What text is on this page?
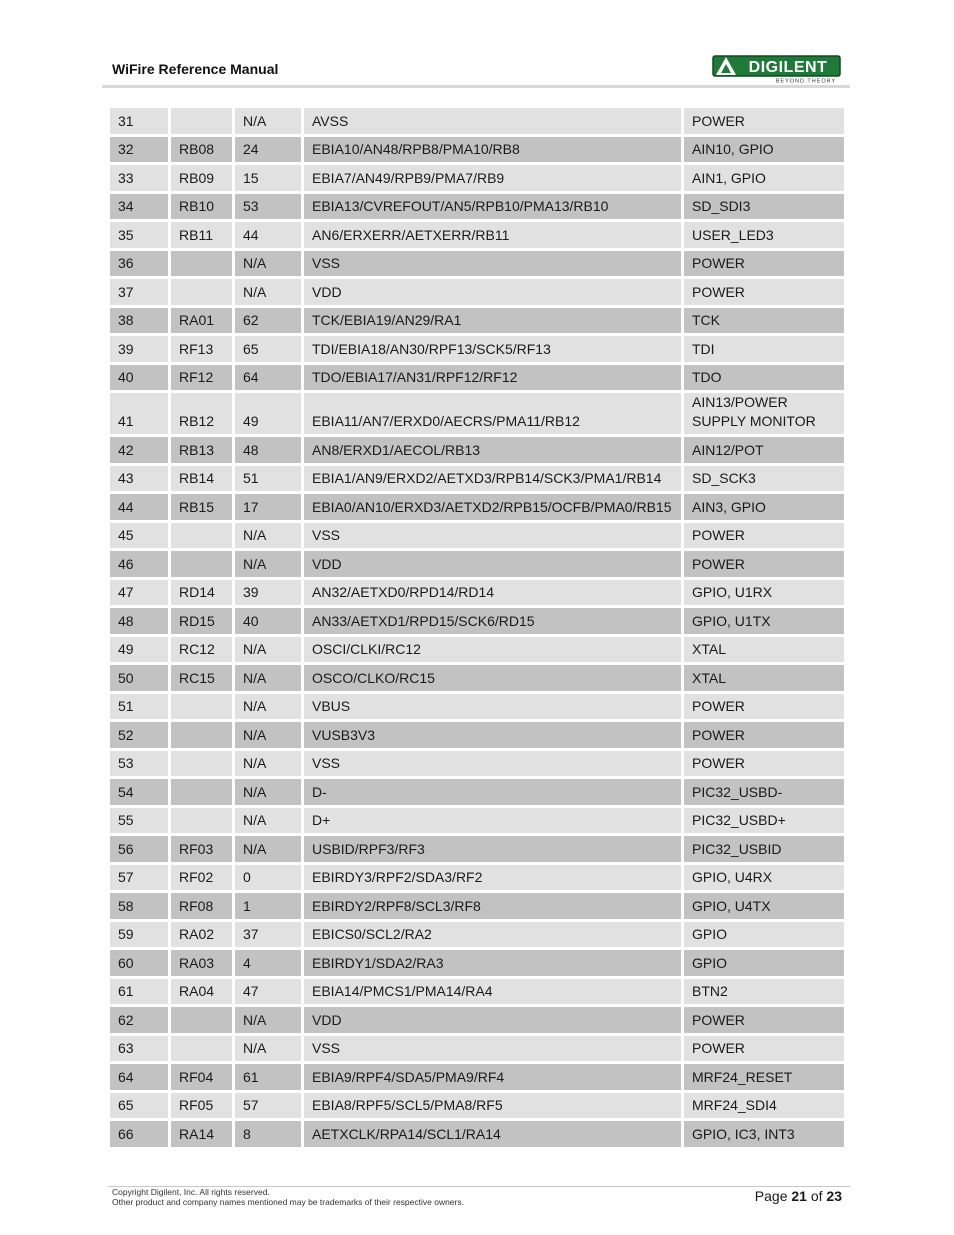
WiFire Reference Manual	DIGILENT
BEYOND THEORY
31		N/A	AVSS	POWER
32	RB08	24	EBIA10/AN48/RPB8/PMA10/RB8	AIN10, GPIO
33	RB09	15	EBIA7/AN49/RPB9/PMA7/RB9	AIN1, GPIO
34	RB10	53	EBIA13/CVREFOUT/AN5/RPB10/PMA13/RB10	SD_SDI3
35	RB11	44	AN6/ERXERR/AETXERR/RB11	USER_LED3
36		N/A	VSS	POWER
37		N/A	VDD	POWER
38	RA01	62	TCK/EBIA19/AN29/RA1	TCK
39	RF13	65	TDI/EBIA18/AN30/RPF13/SCK5/RF13	TDI
40	RF12	64	TDO/EBIA17/AN31/RPF12/RF12	TDO
41	RB12	49	EBIA11/AN7/ERXD0/AECRS/PMA11/RB12	AIN13/POWER SUPPLY MONITOR
42	RB13	48	AN8/ERXD1/AECOL/RB13	AIN12/POT
43	RB14	51	EBIA1/AN9/ERXD2/AETXD3/RPB14/SCK3/PMA1/RB14	SD_SCK3
44	RB15	17	EBIA0/AN10/ERXD3/AETXD2/RPB15/OCFB/PMA0/RB15	AIN3, GPIO
45		N/A	VSS	POWER
46		N/A	VDD	POWER
47	RD14	39	AN32/AETXD0/RPD14/RD14	GPIO, U1RX
48	RD15	40	AN33/AETXD1/RPD15/SCK6/RD15	GPIO, U1TX
49	RC12	N/A	OSCI/CLKI/RC12	XTAL
50	RC15	N/A	OSCO/CLKO/RC15	XTAL
51		N/A	VBUS	POWER
52		N/A	VUSB3V3	POWER
53		N/A	VSS	POWER
54		N/A	D-	PIC32_USBD-
55		N/A	D+	PIC32_USBD+
56	RF03	N/A	USBID/RPF3/RF3	PIC32_USBID
57	RF02	0	EBIRDY3/RPF2/SDA3/RF2	GPIO, U4RX
58	RF08	1	EBIRDY2/RPF8/SCL3/RF8	GPIO, U4TX
59	RA02	37	EBICS0/SCL2/RA2	GPIO
60	RA03	4	EBIRDY1/SDA2/RA3	GPIO
61	RA04	47	EBIA14/PMCS1/PMA14/RA4	BTN2
62		N/A	VDD	POWER
63		N/A	VSS	POWER
64	RF04	61	EBIA9/RPF4/SDA5/PMA9/RF4	MRF24_RESET
65	RF05	57	EBIA8/RPF5/SCL5/PMA8/RF5	MRF24_SDI4
66	RA14	8	AETXCLK/RPA14/SCL1/RA14	GPIO, IC3, INT3
Copyright Digilent, Inc. All rights reserved.
Other product and company names mentioned may be trademarks of their respective owners.	Page 21 of 23
